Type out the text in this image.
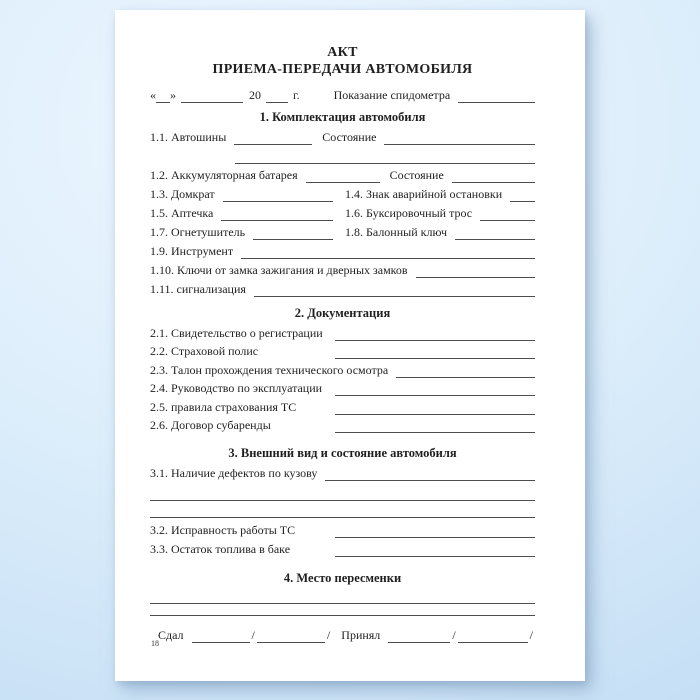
АКТ
ПРИЕМА-ПЕРЕДАЧИ АВТОМОБИЛЯ
« »	20	г.	Показание спидометра
1. Комплектация автомобиля
1.1. Автошины	Состояние
1.2. Аккумуляторная батарея	Состояние
1.3. Домкрат	1.4. Знак аварийной остановки
1.5. Аптечка	1.6. Буксировочный трос
1.7. Огнетушитель	1.8. Балонный ключ
1.9. Инструмент
1.10. Ключи от замка зажигания и дверных замков
1.11. сигнализация
2. Документация
2.1. Свидетельство о регистрации
2.2. Страховой полис
2.3. Талон прохождения технического осмотра
2.4. Руководство по эксплуатации
2.5. правила страхования ТС
2.6. Договор субаренды
3. Внешний вид и состояние автомобиля
3.1. Наличие дефектов по кузову
3.2. Исправность работы ТС
3.3. Остаток топлива в баке
4. Место пересменки
Сдал	/	/ Принял	/	/
18
